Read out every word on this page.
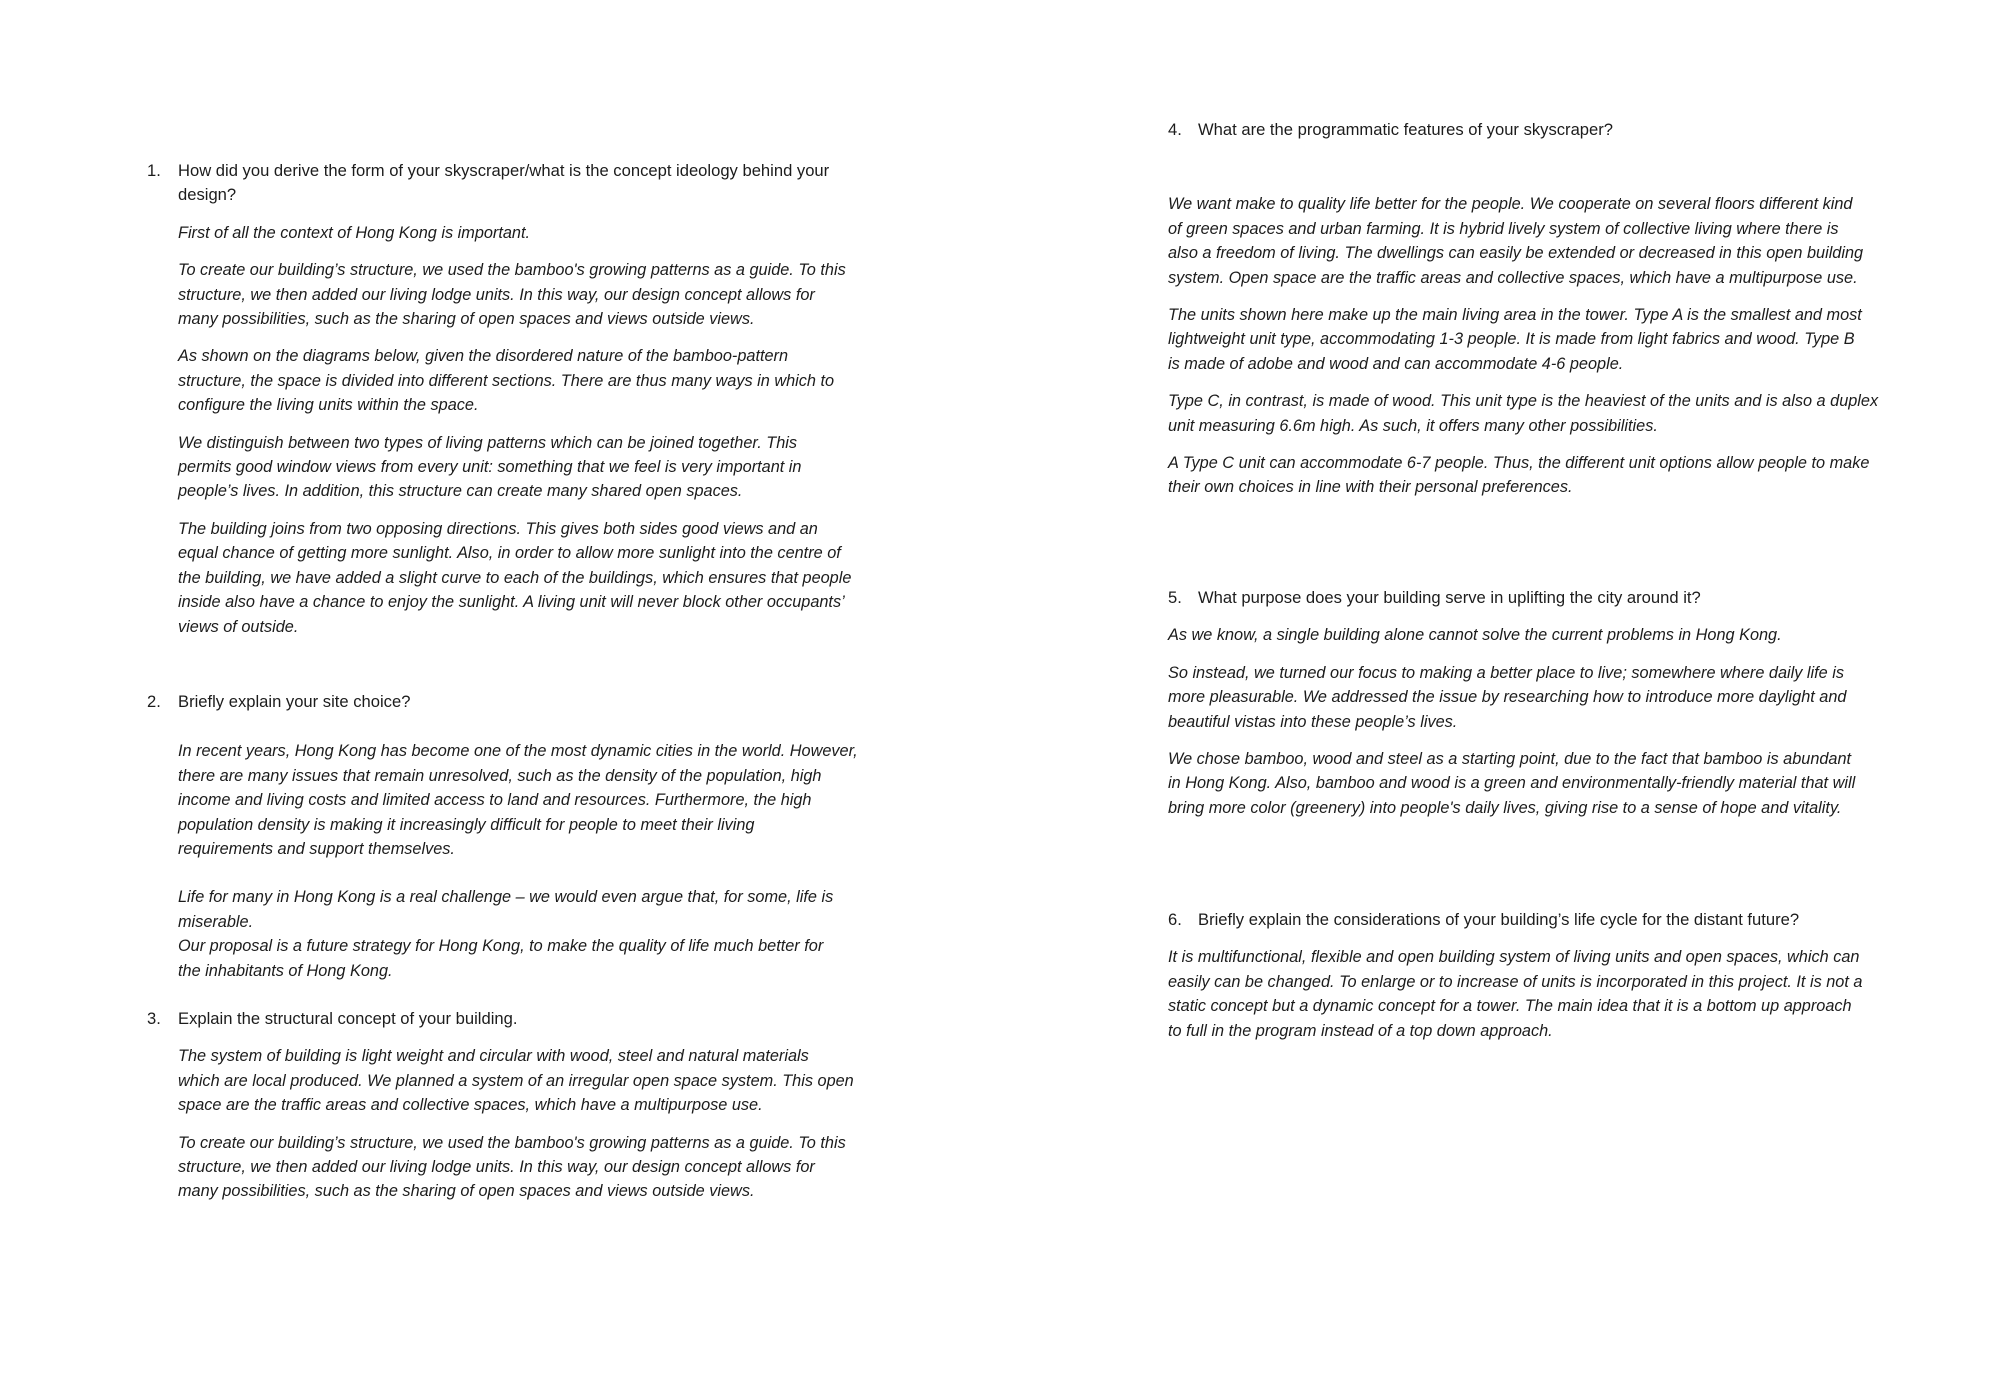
1. How did you derive the form of your skyscraper/what is the concept ideology behind your
design?

First of all the context of Hong Kong is important.

To create our building’s structure, we used the bamboo's growing patterns as a guide. To this
structure, we then added our living lodge units. In this way, our design concept allows for
many possibilities, such as the sharing of open spaces and views outside views.

As shown on the diagrams below, given the disordered nature of the bamboo-pattern
structure, the space is divided into different sections. There are thus many ways in which to
configure the living units within the space.

We distinguish between two types of living patterns which can be joined together. This
permits good window views from every unit: something that we feel is very important in
people’s lives. In addition, this structure can create many shared open spaces.

The building joins from two opposing directions. This gives both sides good views and an
equal chance of getting more sunlight. Also, in order to allow more sunlight into the centre of
the building, we have added a slight curve to each of the buildings, which ensures that people
inside also have a chance to enjoy the sunlight. A living unit will never block other occupants’
views of outside.

2. Briefly explain your site choice?

In recent years, Hong Kong has become one of the most dynamic cities in the world. However,
there are many issues that remain unresolved, such as the density of the population, high
income and living costs and limited access to land and resources. Furthermore, the high
population density is making it increasingly difficult for people to meet their living
requirements and support themselves.

Life for many in Hong Kong is a real challenge – we would even argue that, for some, life is
miserable.
Our proposal is a future strategy for Hong Kong, to make the quality of life much better for
the inhabitants of Hong Kong.

3. Explain the structural concept of your building.

The system of building is light weight and circular with wood, steel and natural materials
which are local produced. We planned a system of an irregular open space system. This open
space are the traffic areas and collective spaces, which have a multipurpose use.

To create our building’s structure, we used the bamboo's growing patterns as a guide. To this
structure, we then added our living lodge units. In this way, our design concept allows for
many possibilities, such as the sharing of open spaces and views outside views.

4. What are the programmatic features of your skyscraper?

We want make to quality life better for the people. We cooperate on several floors different kind
of green spaces and urban farming. It is hybrid lively system of collective living where there is
also a freedom of living. The dwellings can easily be extended or decreased in this open building
system. Open space are the traffic areas and collective spaces, which have a multipurpose use.

The units shown here make up the main living area in the tower. Type A is the smallest and most
lightweight unit type, accommodating 1-3 people. It is made from light fabrics and wood. Type B
is made of adobe and wood and can accommodate 4-6 people.

Type C, in contrast, is made of wood. This unit type is the heaviest of the units and is also a duplex
unit measuring 6.6m high. As such, it offers many other possibilities.

A Type C unit can accommodate 6-7 people. Thus, the different unit options allow people to make
their own choices in line with their personal preferences.

5. What purpose does your building serve in uplifting the city around it?

As we know, a single building alone cannot solve the current problems in Hong Kong.

So instead, we turned our focus to making a better place to live; somewhere where daily life is
more pleasurable. We addressed the issue by researching how to introduce more daylight and
beautiful vistas into these people’s lives.

We chose bamboo, wood and steel as a starting point, due to the fact that bamboo is abundant
in Hong Kong. Also, bamboo and wood is a green and environmentally-friendly material that will
bring more color (greenery) into people's daily lives, giving rise to a sense of hope and vitality.

6. Briefly explain the considerations of your building’s life cycle for the distant future?

It is multifunctional, flexible and open building system of living units and open spaces, which can
easily can be changed. To enlarge or to increase of units is incorporated in this project. It is not a
static concept but a dynamic concept for a tower. The main idea that it is a bottom up approach
to full in the program instead of a top down approach.
